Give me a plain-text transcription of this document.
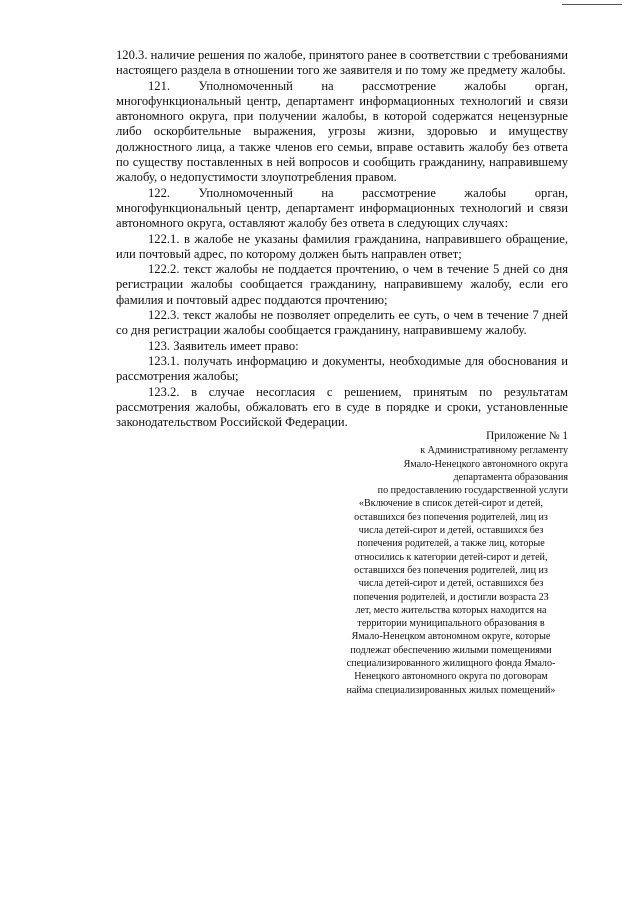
120.3. наличие решения по жалобе, принятого ранее в соответствии с требованиями настоящего раздела в отношении того же заявителя и по тому же предмету жалобы.

121. Уполномоченный на рассмотрение жалобы орган, многофункциональный центр, департамент информационных технологий и связи автономного округа, при получении жалобы, в которой содержатся нецензурные либо оскорбительные выражения, угрозы жизни, здоровью и имуществу должностного лица, а также членов его семьи, вправе оставить жалобу без ответа по существу поставленных в ней вопросов и сообщить гражданину, направившему жалобу, о недопустимости злоупотребления правом.

122. Уполномоченный на рассмотрение жалобы орган, многофункциональный центр, департамент информационных технологий и связи автономного округа, оставляют жалобу без ответа в следующих случаях:

122.1. в жалобе не указаны фамилия гражданина, направившего обращение, или почтовый адрес, по которому должен быть направлен ответ;

122.2. текст жалобы не поддается прочтению, о чем в течение 5 дней со дня регистрации жалобы сообщается гражданину, направившему жалобу, если его фамилия и почтовый адрес поддаются прочтению;

122.3. текст жалобы не позволяет определить ее суть, о чем в течение 7 дней со дня регистрации жалобы сообщается гражданину, направившему жалобу.

123. Заявитель имеет право:

123.1. получать информацию и документы, необходимые для обоснования и рассмотрения жалобы;

123.2. в случае несогласия с решением, принятым по результатам рассмотрения жалобы, обжаловать его в суде в порядке и сроки, установленные законодательством Российской Федерации.

Приложение № 1
к Административному регламенту
Ямало-Ненецкого автономного округа
департамента образования
по предоставлению государственной услуги
«Включение в список детей-сирот и детей,
оставшихся без попечения родителей, лиц из
числа детей-сирот и детей, оставшихся без
попечения родителей, а также лиц, которые
относились к категории детей-сирот и детей,
оставшихся без попечения родителей, лиц из
числа детей-сирот и детей, оставшихся без
попечения родителей, и достигли возраста 23
лет, место жительства которых находится на
территории муниципального образования в
Ямало-Ненецком автономном округе, которые
подлежат обеспечению жилыми помещениями
специализированного жилищного фонда Ямало-
Ненецкого автономного округа по договорам
найма специализированных жилых помещений»
